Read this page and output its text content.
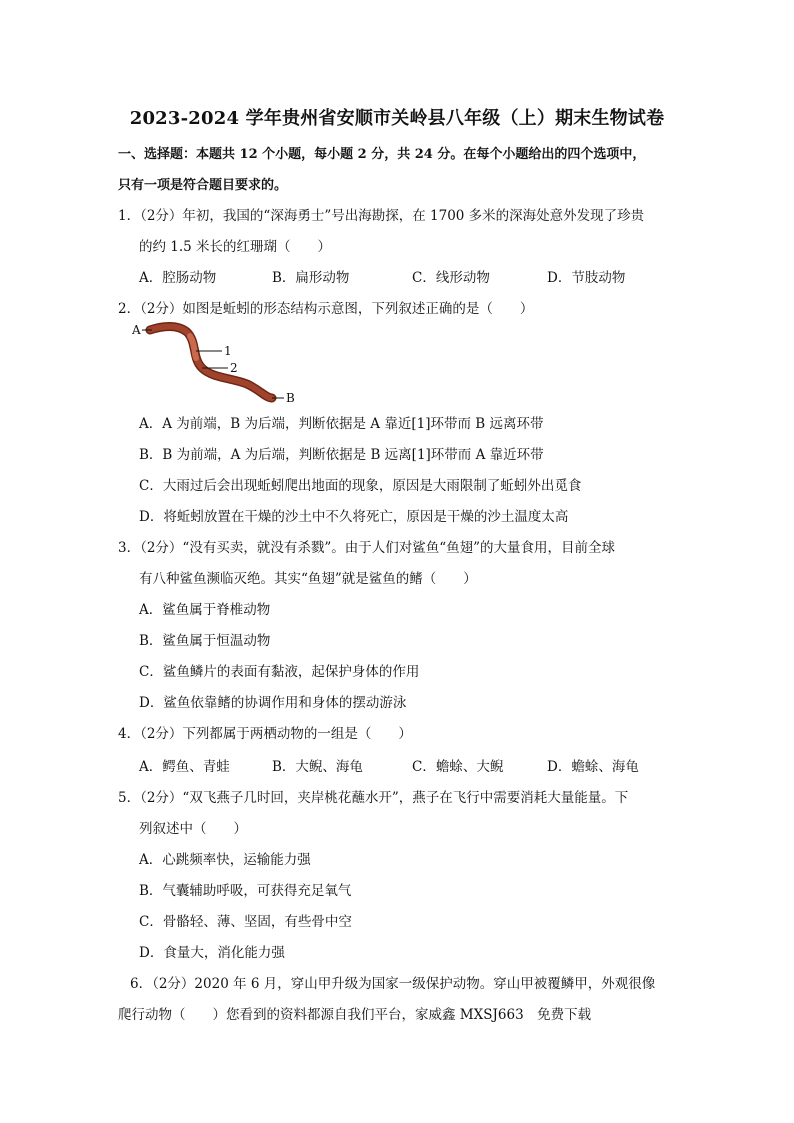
2023-2024 学年贵州省安顺市关岭县八年级（上）期末生物试卷
一、选择题：本题共 12 个小题，每小题 2 分，共 24 分。在每个小题给出的四个选项中，
只有一项是符合题目要求的。
1．（2分）年初，我国的“深海勇士”号出海勘探，在 1700 多米的深海处意外发现了珍贵
的约 1.5 米长的红珊瑚（　　）
A．腔肠动物	B．扁形动物	C．线形动物	D．节肢动物
2．（2分）如图是蚯蚓的形态结构示意图，下列叙述正确的是（　　）
A
1
2
B
A．A 为前端，B 为后端，判断依据是 A 靠近[1]环带而 B 远离环带
B．B 为前端，A 为后端，判断依据是 B 远离[1]环带而 A 靠近环带
C．大雨过后会出现蚯蚓爬出地面的现象，原因是大雨限制了蚯蚓外出觅食
D．将蚯蚓放置在干燥的沙土中不久将死亡，原因是干燥的沙土温度太高
3．（2分）“没有买卖，就没有杀戮”。由于人们对鲨鱼“鱼翅”的大量食用，目前全球
有八种鲨鱼濒临灭绝。其实“鱼翅”就是鲨鱼的鳍（　　）
A．鲨鱼属于脊椎动物
B．鲨鱼属于恒温动物
C．鲨鱼鳞片的表面有黏液，起保护身体的作用
D．鲨鱼依靠鳍的协调作用和身体的摆动游泳
4．（2分）下列都属于两栖动物的一组是（　　）
A．鳄鱼、青蛙	B．大鲵、海龟	C．蟾蜍、大鲵	D．蟾蜍、海龟
5．（2分）“双飞燕子几时回，夹岸桃花蘸水开”，燕子在飞行中需要消耗大量能量。下
列叙述中（　　）
A．心跳频率快，运输能力强
B．气囊辅助呼吸，可获得充足氧气
C．骨骼轻、薄、坚固，有些骨中空
D．食量大，消化能力强
6．（2分）2020 年 6 月，穿山甲升级为国家一级保护动物。穿山甲被覆鳞甲，外观很像
爬行动物（　　）您看到的资料都源自我们平台，家威鑫 MXSJ663　免费下载
